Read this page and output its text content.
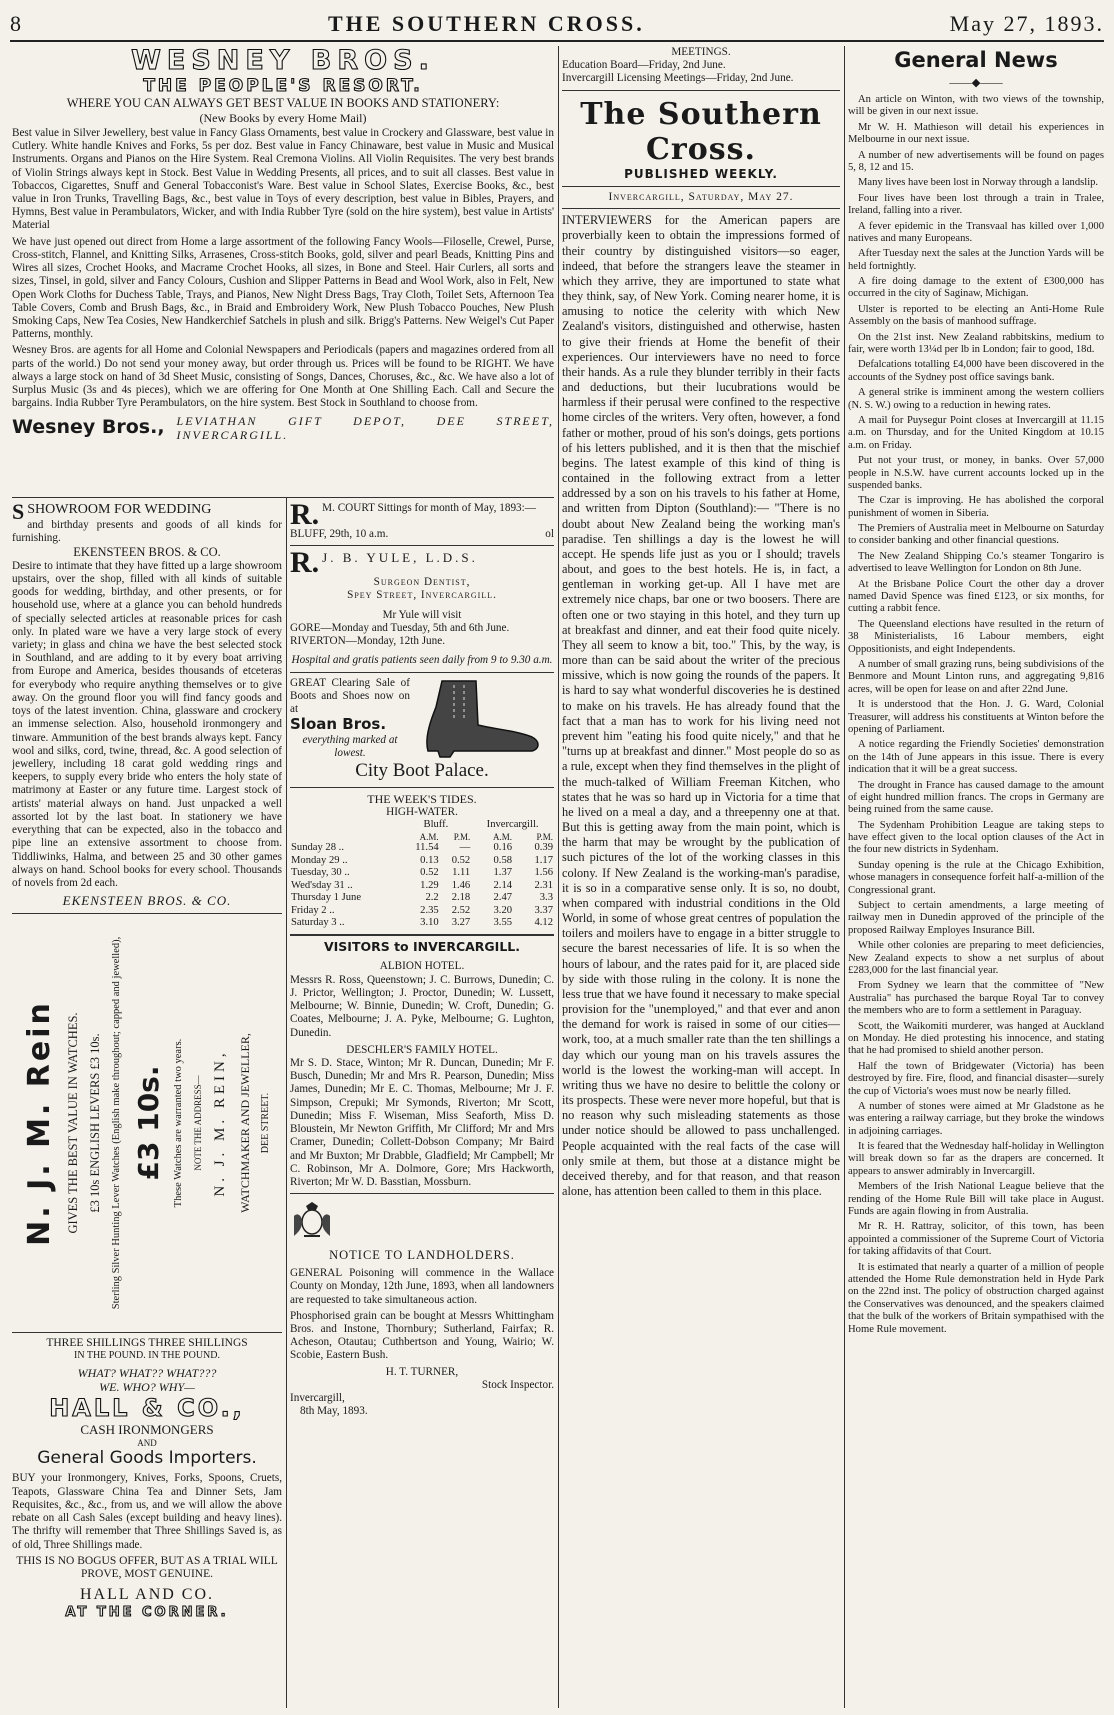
8	THE SOUTHERN CROSS.	May 27, 1893.
WESNEY BROS.
THE PEOPLE'S RESORT.
WHERE YOU CAN ALWAYS GET BEST VALUE IN BOOKS AND STATIONERY:
(New Books by every Home Mail)

Best value in Silver Jewellery, best value in Fancy Glass Ornaments, best value in Crockery and Glassware, best value in Cutlery. White handle Knives and Forks, 5s per doz. Best value in Fancy Chinaware, best value in Music and Musical Instruments. Organs and Pianos on the Hire System. Real Cremona Violins. All Violin Requisites. The very best brands of Violin Strings always kept in Stock. Best Value in Wedding Presents, all prices, and to suit all classes. Best value in Tobaccos, Cigarettes, Snuff and General Tobacconist's Ware. Best value in School Slates, Exercise Books, &c., best value in Iron Trunks, Travelling Bags, &c., best value in Toys of every description, best value in Bibles, Prayers, and Hymns, Best value in Perambulators, Wicker, and with India Rubber Tyre (sold on the hire system), best value in Artists' Material

We have just opened out direct from Home a large assortment of the following Fancy Wools—Filoselle, Crewel, Purse, Cross-stitch, Flannel, and Knitting Silks, Arrasenes, Cross-stitch Books, gold, silver and pearl Beads, Knitting Pins and Wires all sizes, Crochet Hooks, and Macrame Crochet Hooks, all sizes, in Bone and Steel. Hair Curlers, all sorts and sizes, Tinsel, in gold, silver and Fancy Colours, Cushion and Slipper Patterns in Bead and Wool Work, also in Felt, New Open Work Cloths for Duchess Table, Trays, and Pianos, New Night Dress Bags, Tray Cloth, Toilet Sets, Afternoon Tea Table Covers, Comb and Brush Bags, &c., in Braid and Embroidery Work, New Plush Tobacco Pouches, New Plush Smoking Caps, New Tea Cosies, New Handkerchief Satchels in plush and silk. Brigg's Patterns. New Weigel's Cut Paper Patterns, monthly.

Wesney Bros. are agents for all Home and Colonial Newspapers and Periodicals (papers and magazines ordered from all parts of the world.) Do not send your money away, but order through us. Prices will be found to be RIGHT. We have always a large stock on hand of 3d Sheet Music, consisting of Songs, Dances, Choruses, &c., &c. We have also a lot of Surplus Music (3s and 4s pieces), which we are offering for One Month at One Shilling Each. Call and Secure the bargains. India Rubber Tyre Perambulators, on the hire system. Best Stock in Southland to choose from.

Wesney Bros., LEVIATHAN GIFT DEPOT, DEE STREET, INVERCARGILL.
SSHOWROOM FOR WEDDING
and birthday presents and goods of all kinds for furnishing.
EKENSTEEN BROS. & CO.

Desire to intimate that they have fitted up a large showroom upstairs, over the shop, filled with all kinds of suitable goods for wedding, birthday, and other presents, or for household use, where at a glance you can behold hundreds of specially selected articles at reasonable prices for cash only. In plated ware we have a very large stock of every variety; in glass and china we have the best selected stock in Southland, and are adding to it by every boat arriving from Europe and America, besides thousands of etceteras for everybody who require anything themselves or to give away. On the ground floor you will find fancy goods and toys of the latest invention. China, glassware and crockery an immense selection. Also, household ironmongery and tinware. Ammunition of the best brands always kept. Fancy wool and silks, cord, twine, thread, &c. A good selection of jewellery, including 18 carat gold wedding rings and keepers, to supply every bride who enters the holy state of matrimony at Easter or any future time. Largest stock of artists' material always on hand. Just unpacked a well assorted lot by the last boat. In stationery we have everything that can be expected, also in the tobacco and pipe line an extensive assortment to choose from. Tiddliwinks, Halma, and between 25 and 30 other games always on hand. School books for every school. Thousands of novels from 2d each.

EKENSTEEN BROS. & CO.
N. J. M. Rein GIVES THE BEST VALUE IN WATCHES. £3 10s ENGLISH LEVERS £3 10s. Sterling Silver Hunting Lever Watches (English make throughout; capped and jewelled), £3 10s. These Watches are warranted two years. NOTE THE ADDRESS— N. J. M. REIN, WATCHMAKER AND JEWELLER, DEE STREET.
THREE SHILLINGS THREE SHILLINGS
IN THE POUND. IN THE POUND.
WHAT? WHAT?? WHAT???
WE. WHO? WHY—
HALL & CO.,
CASH IRONMONGERS
AND
General Goods Importers.

BUY your Ironmongery, Knives, Forks, Spoons, Cruets, Teapots, Glassware China Tea and Dinner Sets, Jam Requisites, &c., &c., from us, and we will allow the above rebate on all Cash Sales (except building and heavy lines). The thrifty will remember that Three Shillings Saved is, as of old, Three Shillings made.

THIS IS NO BOGUS OFFER, BUT AS A TRIAL WILL PROVE, MOST GENUINE.
HALL AND CO.
AT THE CORNER.
R. M. COURT Sittings for month of May, 1893:—
BLUFF, 29th, 10 a.m.	ol
R. J. B. YULE, L.D.S.
Surgeon Dentist,
Spey Street, Invercargill.
Mr Yule will visit
GORE—Monday and Tuesday, 5th and 6th June.
RIVERTON—Monday, 12th June.
Hospital and gratis patients seen daily from 9 to 9.30 a.m.
GREAT Clearing Sale of Boots and Shoes now on at
Sloan Bros.
everything marked at lowest.
City Boot Palace.
THE WEEK'S TIDES.
HIGH-WATER.
	Bluff.		Invercargill.	
	A.M.	P.M.	A.M.	P.M.
Sunday 28 ..	11.54	—	0.16	0.39
Monday 29 ..	0.13	0.52	0.58	1.17
Tuesday, 30 ..	0.52	1.11	1.37	1.56
Wed'sday 31 ..	1.29	1.46	2.14	2.31
Thursday 1 June	2.2	2.18	2.47	3.3
Friday 2 ..	2.35	2.52	3.20	3.37
Saturday 3 ..	3.10	3.27	3.55	4.12
VISITORS to INVERCARGILL.
ALBION HOTEL.

Messrs R. Ross, Queenstown; J. C. Burrows, Dunedin; C. J. Prictor, Wellington; J. Proctor, Dunedin; W. Lussett, Melbourne; W. Binnie, Dunedin; W. Croft, Dunedin; G. Coates, Melbourne; J. A. Pyke, Melbourne; G. Lughton, Dunedin.

DESCHLER'S FAMILY HOTEL.

Mr S. D. Stace, Winton; Mr R. Duncan, Dunedin; Mr F. Busch, Dunedin; Mr and Mrs R. Pearson, Dunedin; Miss James, Dunedin; Mr E. C. Thomas, Melbourne; Mr J. F. Simpson, Crepuki; Mr Symonds, Riverton; Mr Scott, Dunedin; Miss F. Wiseman, Miss Seaforth, Miss D. Bloustein, Mr Newton Griffith, Mr Clifford; Mr and Mrs Cramer, Dunedin; Collett-Dobson Company; Mr Baird and Mr Buxton; Mr Drabble, Gladfield; Mr Campbell; Mr C. Robinson, Mr A. Dolmore, Gore; Mrs Hackworth, Riverton; Mr W. D. Basstian, Mossburn.

NOTICE TO LANDHOLDERS.

GENERAL Poisoning will commence in the Wallace County on Monday, 12th June, 1893, when all landowners are requested to take simultaneous action.

Phosphorised grain can be bought at Messrs Whittingham Bros. and Instone, Thornbury; Sutherland, Fairfax; R. Acheson, Otautau; Cuthbertson and Young, Wairio; W. Scobie, Eastern Bush.

H. T. TURNER,
Stock Inspector.
Invercargill,
8th May, 1893.
MEETINGS.
Education Board—Friday, 2nd June.
Invercargill Licensing Meetings—Friday, 2nd June.
The Southern Cross.
PUBLISHED WEEKLY.
Invercargill, Saturday, May 27.

INTERVIEWERS for the American papers are proverbially keen to obtain the impressions formed of their country by distinguished visitors—so eager, indeed, that before the strangers leave the steamer in which they arrive, they are importuned to state what they think, say, of New York. Coming nearer home, it is amusing to notice the celerity with which New Zealand's visitors, distinguished and otherwise, hasten to give their friends at Home the benefit of their experiences. Our interviewers have no need to force their hands. As a rule they blunder terribly in their facts and deductions, but their lucubrations would be harmless if their perusal were confined to the respective home circles of the writers. Very often, however, a fond father or mother, proud of his son's doings, gets portions of his letters published, and it is then that the mischief begins. The latest example of this kind of thing is contained in the following extract from a letter addressed by a son on his travels to his father at Home, and written from Dipton (Southland):— "There is no doubt about New Zealand being the working man's paradise. Ten shillings a day is the lowest he will accept. He spends life just as you or I should; travels about, and goes to the best hotels. He is, in fact, a gentleman in working get-up. All I have met are extremely nice chaps, bar one or two boosers. There are often one or two staying in this hotel, and they turn up at breakfast and dinner, and eat their food quite nicely. They all seem to know a bit, too." This, by the way, is more than can be said about the writer of the precious missive, which is now going the rounds of the papers. It is hard to say what wonderful discoveries he is destined to make on his travels. He has already found that the fact that a man has to work for his living need not prevent him "eating his food quite nicely," and that he "turns up at breakfast and dinner." Most people do so as a rule, except when they find themselves in the plight of the much-talked of William Freeman Kitchen, who states that he was so hard up in Victoria for a time that he lived on a meal a day, and a threepenny one at that. But this is getting away from the main point, which is the harm that may be wrought by the publication of such pictures of the lot of the working classes in this colony. If New Zealand is the working-man's paradise, it is so in a comparative sense only. It is so, no doubt, when compared with industrial conditions in the Old World, in some of whose great centres of population the toilers and moilers have to engage in a bitter struggle to secure the barest necessaries of life. It is so when the hours of labour, and the rates paid for it, are placed side by side with those ruling in the colony. It is none the less true that we have found it necessary to make special provision for the "unemployed," and that ever and anon the demand for work is raised in some of our cities—work, too, at a much smaller rate than the ten shillings a day which our young man on his travels assures the world is the lowest the working-man will accept. In writing thus we have no desire to belittle the colony or its prospects. These were never more hopeful, but that is no reason why such misleading statements as those under notice should be allowed to pass unchallenged. People acquainted with the real facts of the case will only smile at them, but those at a distance might be deceived thereby, and for that reason, and that reason alone, has attention been called to them in this place.

General News
——◆——

An article on Winton, with two views of the township, will be given in our next issue.

Mr W. H. Mathieson will detail his experiences in Melbourne in our next issue.

A number of new advertisements will be found on pages 5, 8, 12 and 15.

Many lives have been lost in Norway through a landslip.

Four lives have been lost through a train in Tralee, Ireland, falling into a river.

A fever epidemic in the Transvaal has killed over 1,000 natives and many Europeans.

After Tuesday next the sales at the Junction Yards will be held fortnightly.

A fire doing damage to the extent of £300,000 has occurred in the city of Saginaw, Michigan.

Ulster is reported to be electing an Anti-Home Rule Assembly on the basis of manhood suffrage.

On the 21st inst. New Zealand rabbitskins, medium to fair, were worth 13¼d per lb in London; fair to good, 18d.

Defalcations totalling £4,000 have been discovered in the accounts of the Sydney post office savings bank.

A general strike is imminent among the western colliers (N. S. W.) owing to a reduction in hewing rates.

A mail for Puysegur Point closes at Invercargill at 11.15 a.m. on Thursday, and for the United Kingdom at 10.15 a.m. on Friday.

Put not your trust, or money, in banks. Over 57,000 people in N.S.W. have current accounts locked up in the suspended banks.

The Czar is improving. He has abolished the corporal punishment of women in Siberia.

The Premiers of Australia meet in Melbourne on Saturday to consider banking and other financial questions.

The New Zealand Shipping Co.'s steamer Tongariro is advertised to leave Wellington for London on 8th June.

At the Brisbane Police Court the other day a drover named David Spence was fined £123, or six months, for cutting a rabbit fence.

The Queensland elections have resulted in the return of 38 Ministerialists, 16 Labour members, eight Oppositionists, and eight Independents.

A number of small grazing runs, being subdivisions of the Benmore and Mount Linton runs, and aggregating 9,816 acres, will be open for lease on and after 22nd June.

It is understood that the Hon. J. G. Ward, Colonial Treasurer, will address his constituents at Winton before the opening of Parliament.

A notice regarding the Friendly Societies' demonstration on the 14th of June appears in this issue. There is every indication that it will be a great success.

The drought in France has caused damage to the amount of eight hundred million francs. The crops in Germany are being ruined from the same cause.

The Sydenham Prohibition League are taking steps to have effect given to the local option clauses of the Act in the four new districts in Sydenham.

Sunday opening is the rule at the Chicago Exhibition, whose managers in consequence forfeit half-a-million of the Congressional grant.

Subject to certain amendments, a large meeting of railway men in Dunedin approved of the principle of the proposed Railway Employes Insurance Bill.

While other colonies are preparing to meet deficiencies, New Zealand expects to show a net surplus of about £283,000 for the last financial year.

From Sydney we learn that the committee of "New Australia" has purchased the barque Royal Tar to convey the members who are to form a settlement in Paraguay.

Scott, the Waikomiti murderer, was hanged at Auckland on Monday. He died protesting his innocence, and stating that he had promised to shield another person.

Half the town of Bridgewater (Victoria) has been destroyed by fire. Fire, flood, and financial disaster—surely the cup of Victoria's woes must now be nearly filled.

A number of stones were aimed at Mr Gladstone as he was entering a railway carriage, but they broke the windows in adjoining carriages.

It is feared that the Wednesday half-holiday in Wellington will break down so far as the drapers are concerned. It appears to answer admirably in Invercargill.

Members of the Irish National League believe that the rending of the Home Rule Bill will take place in August. Funds are again flowing in from Australia.

Mr R. H. Rattray, solicitor, of this town, has been appointed a commissioner of the Supreme Court of Victoria for taking affidavits of that Court.

It is estimated that nearly a quarter of a million of people attended the Home Rule demonstration held in Hyde Park on the 22nd inst. The policy of obstruction charged against the Conservatives was denounced, and the speakers claimed that the bulk of the workers of Britain sympathised with the Home Rule movement.
